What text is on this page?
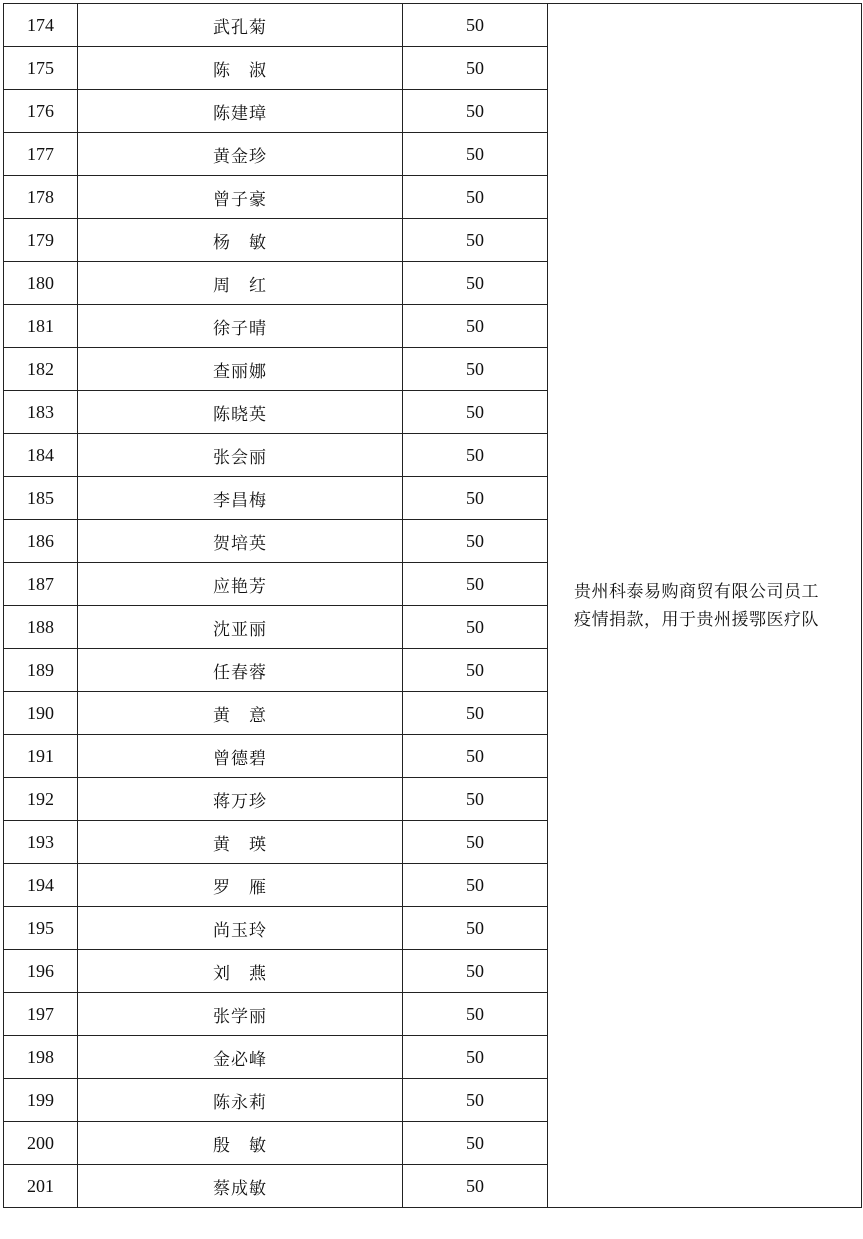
174	武孔菊	50	贵州科泰易购商贸有限公司员工
疫情捐款，用于贵州援鄂医疗队

175	陈　淑	50	
176	陈建璋	50	
177	黄金珍	50	
178	曾子豪	50	
179	杨　敏	50	
180	周　红	50	
181	徐子晴	50	
182	查丽娜	50	
183	陈晓英	50	
184	张会丽	50	
185	李昌梅	50	
186	贺培英	50	
187	应艳芳	50	
188	沈亚丽	50	
189	任春蓉	50	
190	黄　意	50	
191	曾德碧	50	
192	蒋万珍	50	
193	黄　瑛	50	
194	罗　雁	50	
195	尚玉玲	50	
196	刘　燕	50	
197	张学丽	50	
198	金必峰	50	
199	陈永莉	50	
200	殷　敏	50	
201	蔡成敏	50	
